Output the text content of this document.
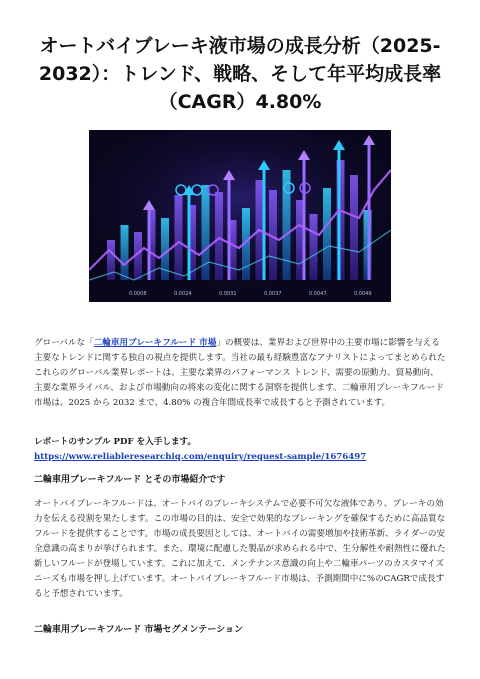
オートバイブレーキ液市場の成長分析（2025-2032）：トレンド、戦略、そして年平均成長率（CAGR）4.80%
0.0008	0.0024	0.0031	0.0037	0.0047	0.0049

グローバルな「二輪車用ブレーキフルード 市場」の概要は、業界および世界中の主要市場に影響を与える主要なトレンドに関する独自の視点を提供します。当社の最も経験豊富なアナリストによってまとめられたこれらのグローバル業界レポートは、主要な業界のパフォーマンス トレンド、需要の原動力、貿易動向、主要な業界ライバル、および市場動向の将来の変化に関する洞察を提供します。二輪車用ブレーキフルード 市場は、2025 から 2032 まで、4.80% の複合年間成長率で成長すると予測されています。

レポートのサンプル PDF を入手します。 https://www.reliableresearchiq.com/enquiry/request-sample/1676497

二輪車用ブレーキフルード とその市場紹介です

オートバイブレーキフルードは、オートバイのブレーキシステムで必要不可欠な液体であり、ブレーキの効力を伝える役割を果たします。この市場の目的は、安全で効果的なブレーキングを確保するために高品質なフルードを提供することです。市場の成長要因としては、オートバイの需要増加や技術革新、ライダーの安全意識の高まりが挙げられます。また、環境に配慮した製品が求められる中で、生分解性や耐熱性に優れた新しいフルードが登場しています。これに加えて、メンテナンス意識の向上や二輪車パーツのカスタマイズニーズも市場を押し上げています。オートバイブレーキフルード市場は、予測期間中に%のCAGRで成長すると予想されています。

二輪車用ブレーキフルード 市場セグメンテーション
